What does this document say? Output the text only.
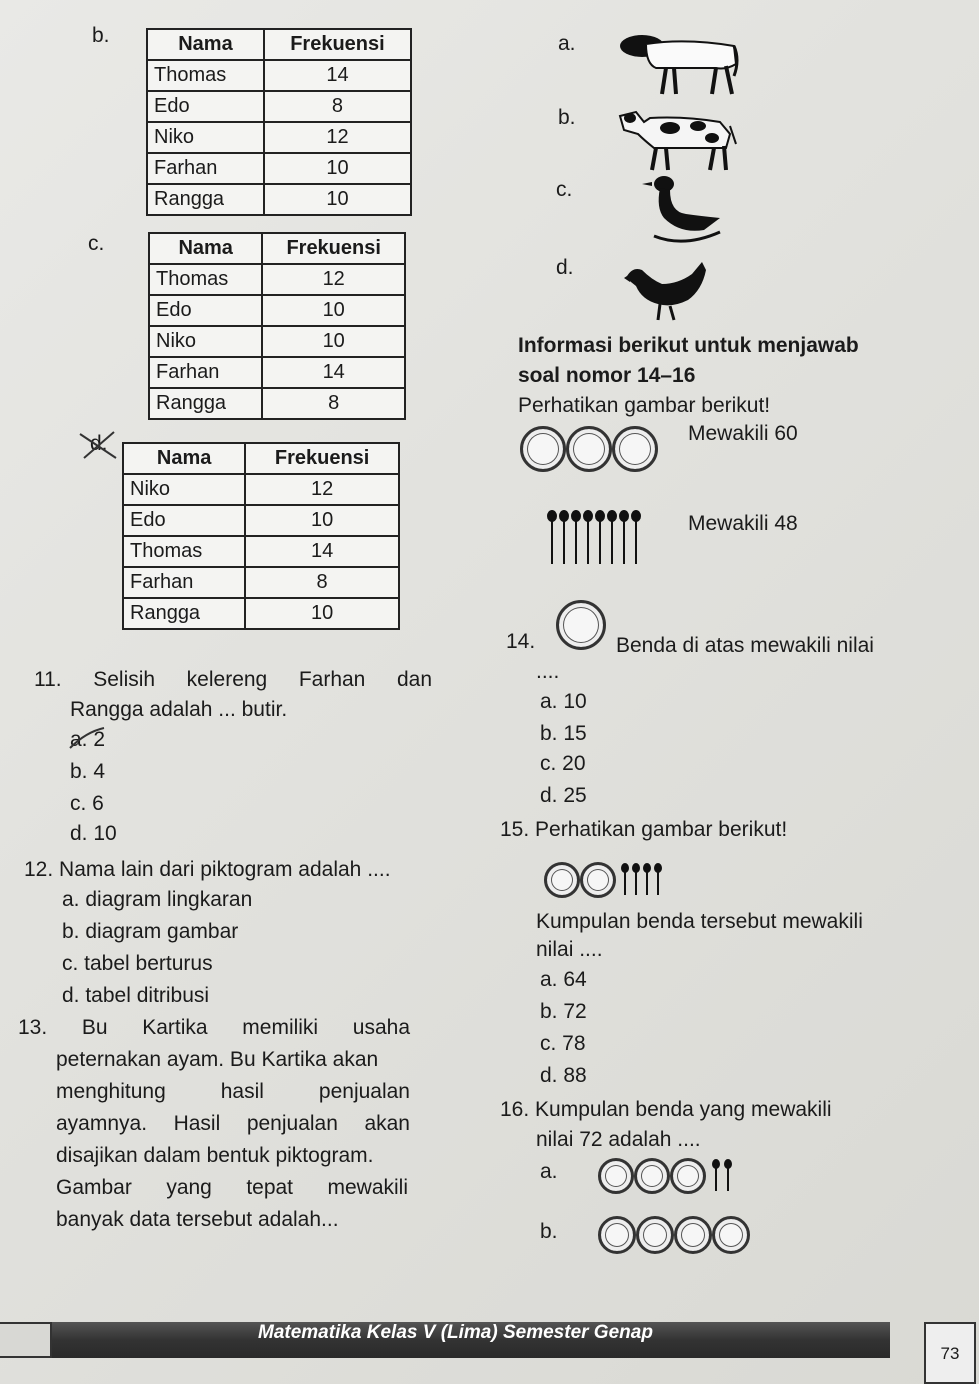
b.	Nama	Frekuensi
Thomas	14
Edo	8
Niko	12
Farhan	10
Rangga	10
c.	Nama	Frekuensi
Thomas	12
Edo	10
Niko	10
Farhan	14
Rangga	8
d.
Nama	Frekuensi
Niko	12
Edo	10
Thomas	14
Farhan	8
Rangga	10
a.
b.
c.
d.
Informasi berikut untuk menjawab
soal nomor 14–16
Perhatikan gambar berikut!
Mewakili 60
Mewakili 48
14.	Benda di atas mewakili nilai
....
a. 10
b. 15
c. 20
d. 25
11. Selisih kelereng Farhan dan
Rangga adalah ... butir.
a. 2
b. 4
c. 6
d. 10	15. Perhatikan gambar berikut!

Kumpulan benda tersebut mewakili
nilai ....
a. 64
b. 72
c. 78
d. 88
12. Nama lain dari piktogram adalah ....
a. diagram lingkaran
b. diagram gambar
c. tabel berturus
d. tabel ditribusi
13. Bu Kartika memiliki usaha
peternakan ayam. Bu Kartika akan
menghitung hasil penjualan
ayamnya. Hasil penjualan akan
disajikan dalam bentuk piktogram.
Gambar yang tepat mewakili
banyak data tersebut adalah...
16. Kumpulan benda yang mewakili
nilai 72 adalah ....
a.

b.
Matematika Kelas V (Lima) Semester Genap
73
